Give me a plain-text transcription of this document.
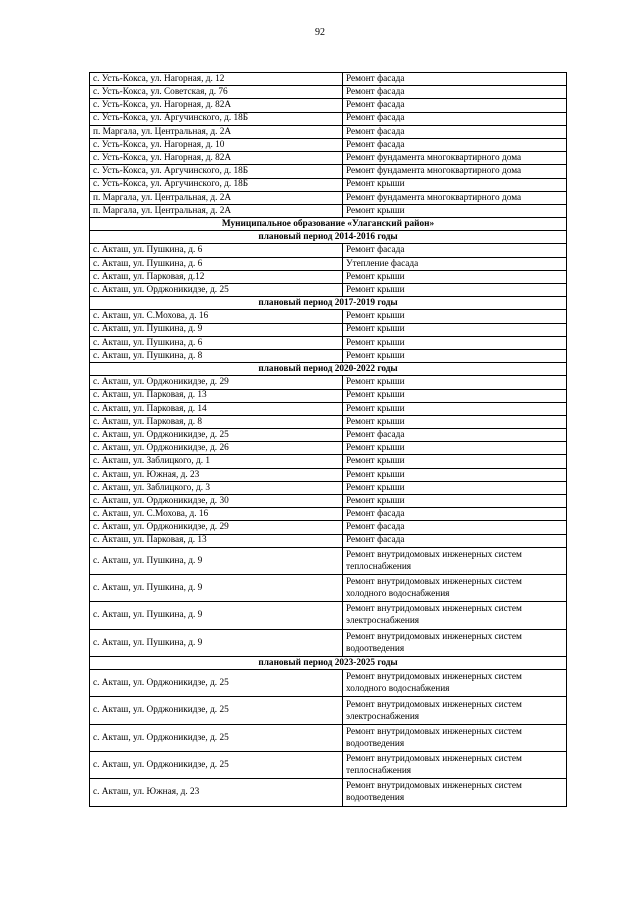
92
с. Усть-Кокса, ул. Нагорная, д. 12	Ремонт фасада
с. Усть-Кокса, ул. Советская, д. 76	Ремонт фасада
с. Усть-Кокса, ул. Нагорная, д. 82А	Ремонт фасада
с. Усть-Кокса, ул. Аргучинского, д. 18Б	Ремонт фасада
п. Маргала, ул. Центральная, д. 2А	Ремонт фасада
с. Усть-Кокса, ул. Нагорная, д. 10	Ремонт фасада
с. Усть-Кокса, ул. Нагорная, д. 82А	Ремонт фундамента многоквартирного дома
с. Усть-Кокса, ул. Аргучинского, д. 18Б	Ремонт фундамента многоквартирного дома
с. Усть-Кокса, ул. Аргучинского, д. 18Б	Ремонт крыши
п. Маргала, ул. Центральная, д. 2А	Ремонт фундамента многоквартирного дома
п. Маргала, ул. Центральная, д. 2А	Ремонт крыши
Муниципальное образование «Улаганский район»	
плановый период 2014-2016 годы	
с. Акташ, ул. Пушкина, д. 6	Ремонт фасада
с. Акташ, ул. Пушкина, д. 6	Утепление фасада
с. Акташ, ул. Парковая, д.12	Ремонт крыши
с. Акташ, ул. Орджоникидзе, д. 25	Ремонт крыши
плановый период 2017-2019 годы	
с. Акташ, ул. С.Мохова, д. 16	Ремонт крыши
с. Акташ, ул. Пушкина, д. 9	Ремонт крыши
с. Акташ, ул. Пушкина, д. 6	Ремонт крыши
с. Акташ, ул. Пушкина, д. 8	Ремонт крыши
плановый период 2020-2022 годы	
с. Акташ, ул. Орджоникидзе, д. 29	Ремонт крыши
с. Акташ, ул. Парковая, д. 13	Ремонт крыши
с. Акташ, ул. Парковая, д. 14	Ремонт крыши
с. Акташ, ул. Парковая, д. 8	Ремонт крыши
с. Акташ, ул. Орджоникидзе, д. 25	Ремонт фасада
с. Акташ, ул. Орджоникидзе, д. 26	Ремонт крыши
с. Акташ, ул. Заблицкого, д. 1	Ремонт крыши
с. Акташ, ул. Южная, д. 23	Ремонт крыши
с. Акташ, ул. Заблицкого, д. 3	Ремонт крыши
с. Акташ, ул. Орджоникидзе, д. 30	Ремонт крыши
с. Акташ, ул. С.Мохова, д. 16	Ремонт фасада
с. Акташ, ул. Орджоникидзе, д. 29	Ремонт фасада
с. Акташ, ул. Парковая, д. 13	Ремонт фасада
с. Акташ, ул. Пушкина, д. 9	Ремонт внутридомовых инженерных систем теплоснабжения
с. Акташ, ул. Пушкина, д. 9	Ремонт внутридомовых инженерных систем холодного водоснабжения
с. Акташ, ул. Пушкина, д. 9	Ремонт внутридомовых инженерных систем электроснабжения
с. Акташ, ул. Пушкина, д. 9	Ремонт внутридомовых инженерных систем водоотведения
плановый период 2023-2025 годы	
с. Акташ, ул. Орджоникидзе, д. 25	Ремонт внутридомовых инженерных систем холодного водоснабжения
с. Акташ, ул. Орджоникидзе, д. 25	Ремонт внутридомовых инженерных систем электроснабжения
с. Акташ, ул. Орджоникидзе, д. 25	Ремонт внутридомовых инженерных систем водоотведения
с. Акташ, ул. Орджоникидзе, д. 25	Ремонт внутридомовых инженерных систем теплоснабжения
с. Акташ, ул. Южная, д. 23	Ремонт внутридомовых инженерных систем водоотведения
